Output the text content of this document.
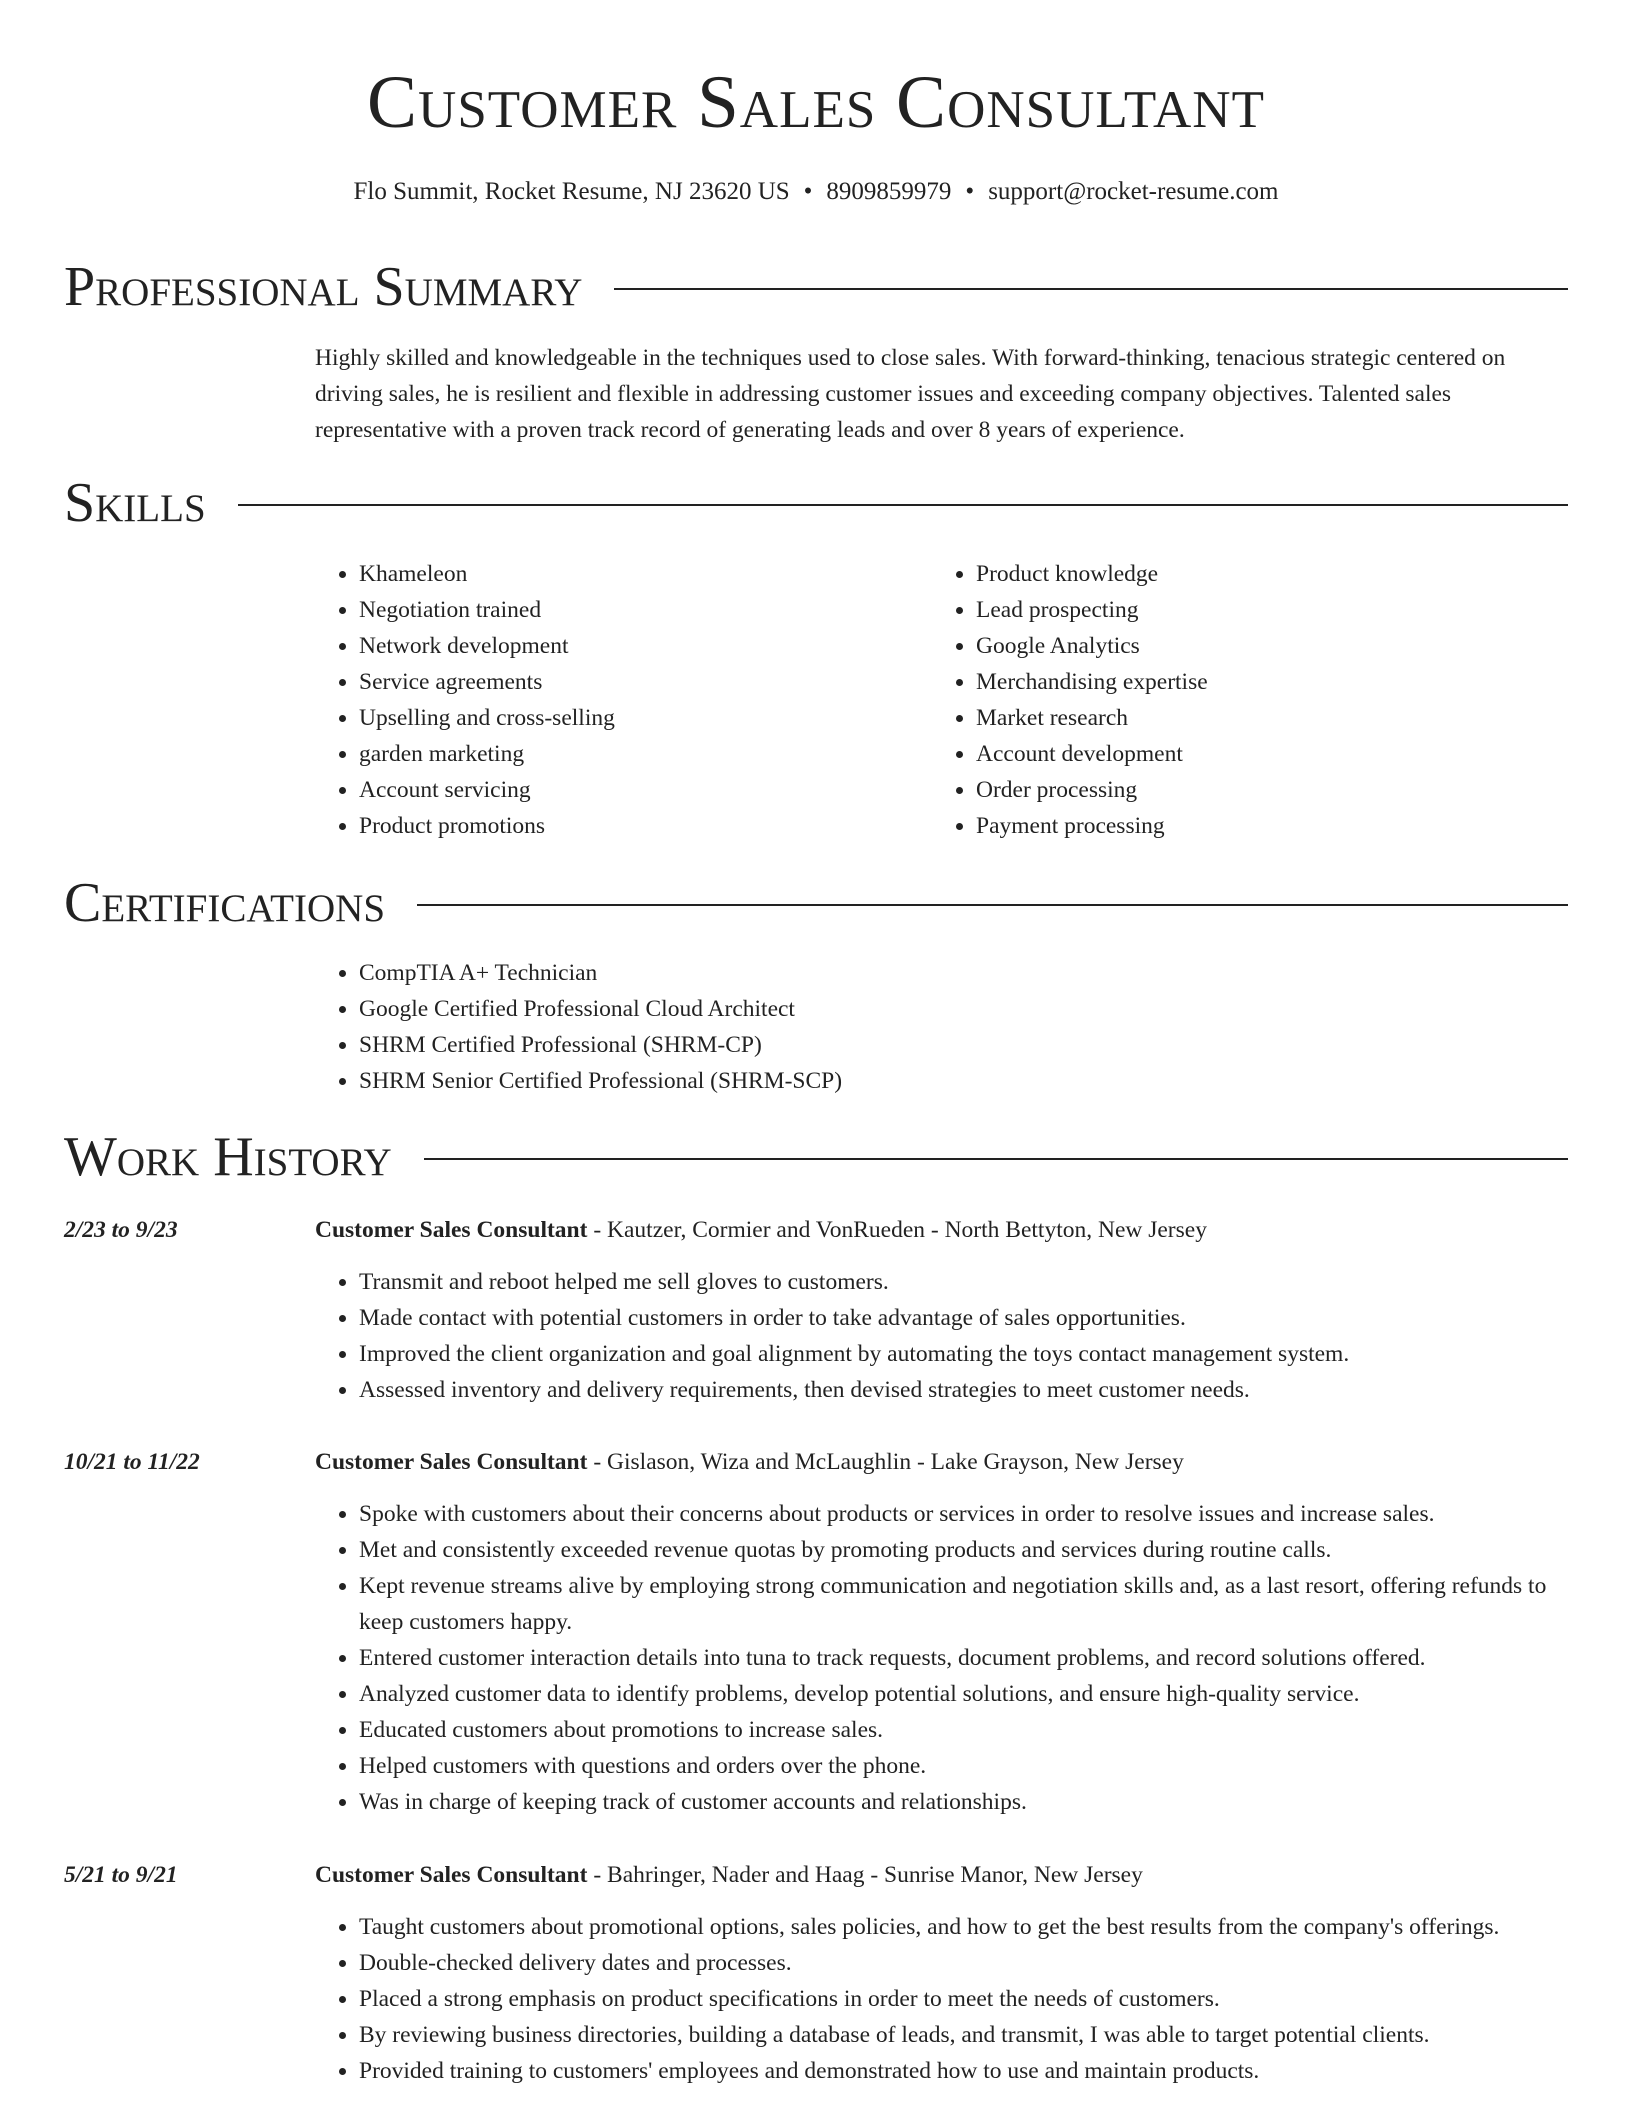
Customer Sales Consultant
Flo Summit, Rocket Resume, NJ 23620 US • 8909859979 • support@rocket-resume.com
Professional Summary
Highly skilled and knowledgeable in the techniques used to close sales. With forward-thinking, tenacious strategic centered on driving sales, he is resilient and flexible in addressing customer issues and exceeding company objectives. Talented sales representative with a proven track record of generating leads and over 8 years of experience.
Skills
• Khameleon
• Negotiation trained
• Network development
• Service agreements
• Upselling and cross-selling
• garden marketing
• Account servicing
• Product promotions
• Product knowledge
• Lead prospecting
• Google Analytics
• Merchandising expertise
• Market research
• Account development
• Order processing
• Payment processing
Certifications
• CompTIA A+ Technician
• Google Certified Professional Cloud Architect
• SHRM Certified Professional (SHRM-CP)
• SHRM Senior Certified Professional (SHRM-SCP)
Work History
2/23 to 9/23	Customer Sales Consultant - Kautzer, Cormier and VonRueden - North Bettyton, New Jersey
• Transmit and reboot helped me sell gloves to customers.
• Made contact with potential customers in order to take advantage of sales opportunities.
• Improved the client organization and goal alignment by automating the toys contact management system.
• Assessed inventory and delivery requirements, then devised strategies to meet customer needs.
10/21 to 11/22	Customer Sales Consultant - Gislason, Wiza and McLaughlin - Lake Grayson, New Jersey
• Spoke with customers about their concerns about products or services in order to resolve issues and increase sales.
• Met and consistently exceeded revenue quotas by promoting products and services during routine calls.
• Kept revenue streams alive by employing strong communication and negotiation skills and, as a last resort, offering refunds to keep customers happy.
• Entered customer interaction details into tuna to track requests, document problems, and record solutions offered.
• Analyzed customer data to identify problems, develop potential solutions, and ensure high-quality service.
• Educated customers about promotions to increase sales.
• Helped customers with questions and orders over the phone.
• Was in charge of keeping track of customer accounts and relationships.
5/21 to 9/21	Customer Sales Consultant - Bahringer, Nader and Haag - Sunrise Manor, New Jersey
• Taught customers about promotional options, sales policies, and how to get the best results from the company's offerings.
• Double-checked delivery dates and processes.
• Placed a strong emphasis on product specifications in order to meet the needs of customers.
• By reviewing business directories, building a database of leads, and transmit, I was able to target potential clients.
• Provided training to customers' employees and demonstrated how to use and maintain products.
